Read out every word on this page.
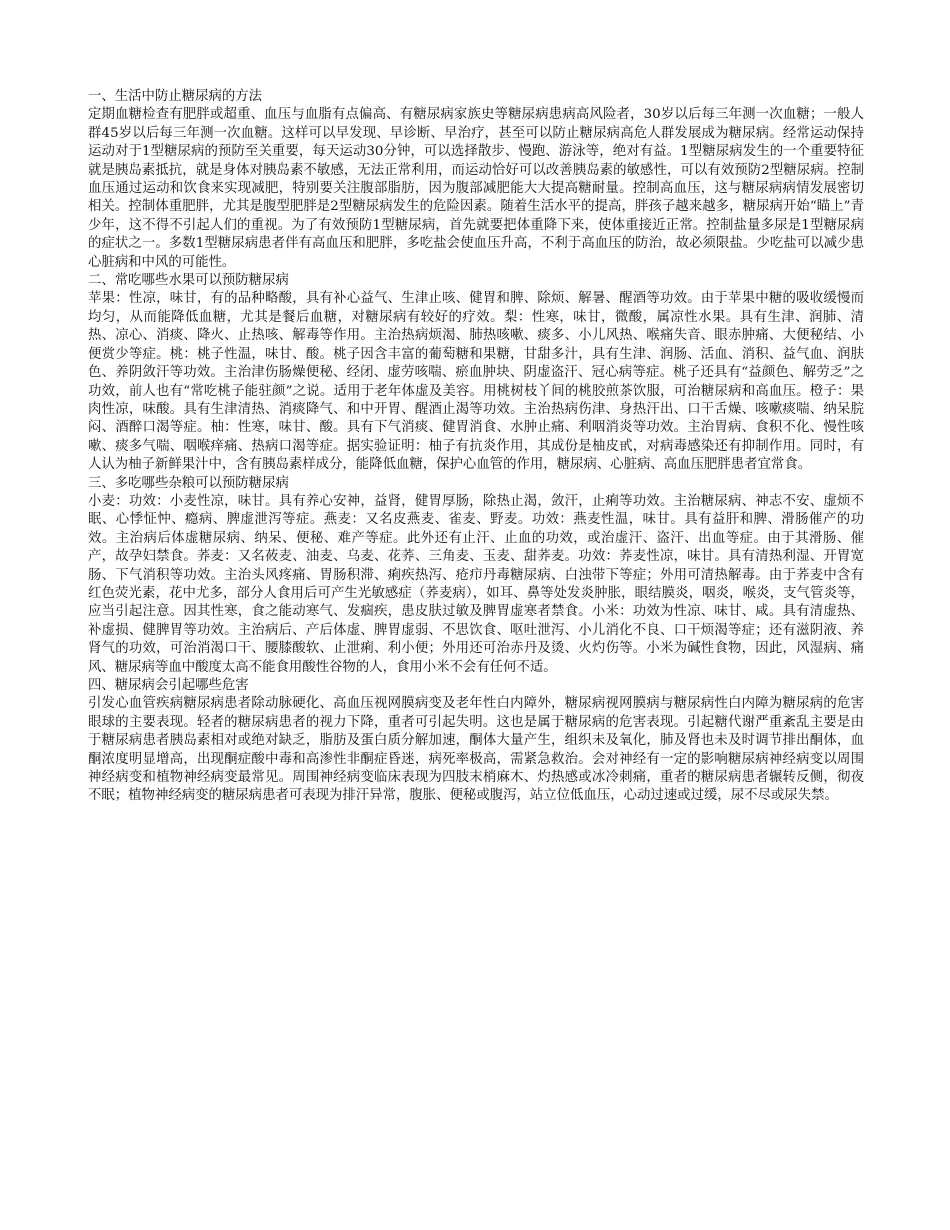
一、生活中防止糖尿病的方法

定期血糖检查有肥胖或超重、血压与血脂有点偏高、有糖尿病家族史等糖尿病患病高风险者，30岁以后每三年测一次血糖；一般人群45岁以后每三年测一次血糖。这样可以早发现、早诊断、早治疗，甚至可以防止糖尿病高危人群发展成为糖尿病。经常运动保持运动对于1型糖尿病的预防至关重要，每天运动30分钟，可以选择散步、慢跑、游泳等，绝对有益。1型糖尿病发生的一个重要特征就是胰岛素抵抗，就是身体对胰岛素不敏感，无法正常利用，而运动恰好可以改善胰岛素的敏感性，可以有效预防2型糖尿病。控制血压通过运动和饮食来实现减肥，特别要关注腹部脂肪，因为腹部减肥能大大提高糖耐量。控制高血压，这与糖尿病病情发展密切相关。控制体重肥胖，尤其是腹型肥胖是2型糖尿病发生的危险因素。随着生活水平的提高，胖孩子越来越多，糖尿病开始“瞄上”青少年，这不得不引起人们的重视。为了有效预防1型糖尿病，首先就要把体重降下来，使体重接近正常。控制盐量多尿是1型糖尿病的症状之一。多数1型糖尿病患者伴有高血压和肥胖，多吃盐会使血压升高，不利于高血压的防治，故必须限盐。少吃盐可以减少患心脏病和中风的可能性。

二、常吃哪些水果可以预防糖尿病

苹果：性凉，味甘，有的品种略酸，具有补心益气、生津止咳、健胃和脾、除烦、解暑、醒酒等功效。由于苹果中糖的吸收缓慢而均匀，从而能降低血糖，尤其是餐后血糖，对糖尿病有较好的疗效。梨：性寒，味甘，微酸，属凉性水果。具有生津、润肺、清热、凉心、消痰、降火、止热咳、解毒等作用。主治热病烦渴、肺热咳嗽、痰多、小儿风热、喉痛失音、眼赤肿痛、大便秘结、小便赏少等症。桃：桃子性温，味甘、酸。桃子因含丰富的葡萄糖和果糖，甘甜多汁，具有生津、润肠、活血、消积、益气血、润肤色、养阴敛汗等功效。主治津伤肠燥便秘、经闭、虚劳咳喘、瘀血肿块、阴虚盗汗、冠心病等症。桃子还具有“益颜色、解劳乏”之功效，前人也有“常吃桃子能驻颜”之说。适用于老年体虚及美容。用桃树枝丫间的桃胶煎茶饮服，可治糖尿病和高血压。橙子：果肉性凉，味酸。具有生津清热、消痰降气、和中开胃、醒酒止渴等功效。主治热病伤津、身热汗出、口干舌燥、咳嗽痰喘、纳呆脘闷、酒醉口渴等症。柚：性寒，味甘、酸。具有下气消痰、健胃消食、水肿止痛、利咽消炎等功效。主治胃病、食积不化、慢性咳嗽、痰多气喘、咽喉痒痛、热病口渴等症。据实验证明：柚子有抗炎作用，其成份是柚皮甙，对病毒感染还有抑制作用。同时，有人认为柚子新鲜果汁中，含有胰岛素样成分，能降低血糖，保护心血管的作用，糖尿病、心脏病、高血压肥胖患者宜常食。

三、多吃哪些杂粮可以预防糖尿病

小麦：功效：小麦性凉，味甘。具有养心安神，益肾，健胃厚肠，除热止渴，敛汗，止痢等功效。主治糖尿病、神志不安、虚烦不眠、心悸怔忡、瘾病、脾虚泄泻等症。燕麦：又名皮燕麦、雀麦、野麦。功效：燕麦性温，味甘。具有益肝和脾、滑肠催产的功效。主治病后体虚糖尿病、纳呆、便秘、难产等症。此外还有止汗、止血的功效，或治虚汗、盗汗、出血等症。由于其滑肠、催产，故孕妇禁食。荞麦：又名莜麦、油麦、乌麦、花荞、三角麦、玉麦、甜荞麦。功效：荞麦性凉，味甘。具有清热利湿、开胃宽肠、下气消积等功效。主治头风疼痛、胃肠积滞、痢疾热泻、疮疖丹毒糖尿病、白浊带下等症；外用可清热解毒。由于荞麦中含有红色荧光素，花中尤多，部分人食用后可产生光敏感症（荞麦病），如耳、鼻等处发炎肿胀，眼结膜炎，咽炎，喉炎，支气管炎等，应当引起注意。因其性寒，食之能动寒气、发痼疾，患皮肤过敏及脾胃虚寒者禁食。小米：功效为性凉、味甘、咸。具有清虚热、补虚损、健脾胃等功效。主治病后、产后体虚、脾胃虚弱、不思饮食、呕吐泄泻、小儿消化不良、口干烦渴等症；还有滋阴液、养肾气的功效，可治消渴口干、腰膝酸软、止泄痢、利小便；外用还可治赤丹及烫、火灼伤等。小米为碱性食物，因此，风湿病、痛风、糖尿病等血中酸度太高不能食用酸性谷物的人，食用小米不会有任何不适。

四、糖尿病会引起哪些危害

引发心血管疾病糖尿病患者除动脉硬化、高血压视网膜病变及老年性白内障外，糖尿病视网膜病与糖尿病性白内障为糖尿病的危害眼球的主要表现。轻者的糖尿病患者的视力下降，重者可引起失明。这也是属于糖尿病的危害表现。引起糖代谢严重紊乱主要是由于糖尿病患者胰岛素相对或绝对缺乏，脂肪及蛋白质分解加速，酮体大量产生，组织未及氧化，肺及肾也未及时调节排出酮体，血酮浓度明显增高，出现酮症酸中毒和高渗性非酮症昏迷，病死率极高，需紧急救治。会对神经有一定的影响糖尿病神经病变以周围神经病变和植物神经病变最常见。周围神经病变临床表现为四肢末梢麻木、灼热感或冰冷刺痛，重者的糖尿病患者辗转反侧，彻夜不眠；植物神经病变的糖尿病患者可表现为排汗异常，腹胀、便秘或腹泻，站立位低血压，心动过速或过缓，尿不尽或尿失禁。
